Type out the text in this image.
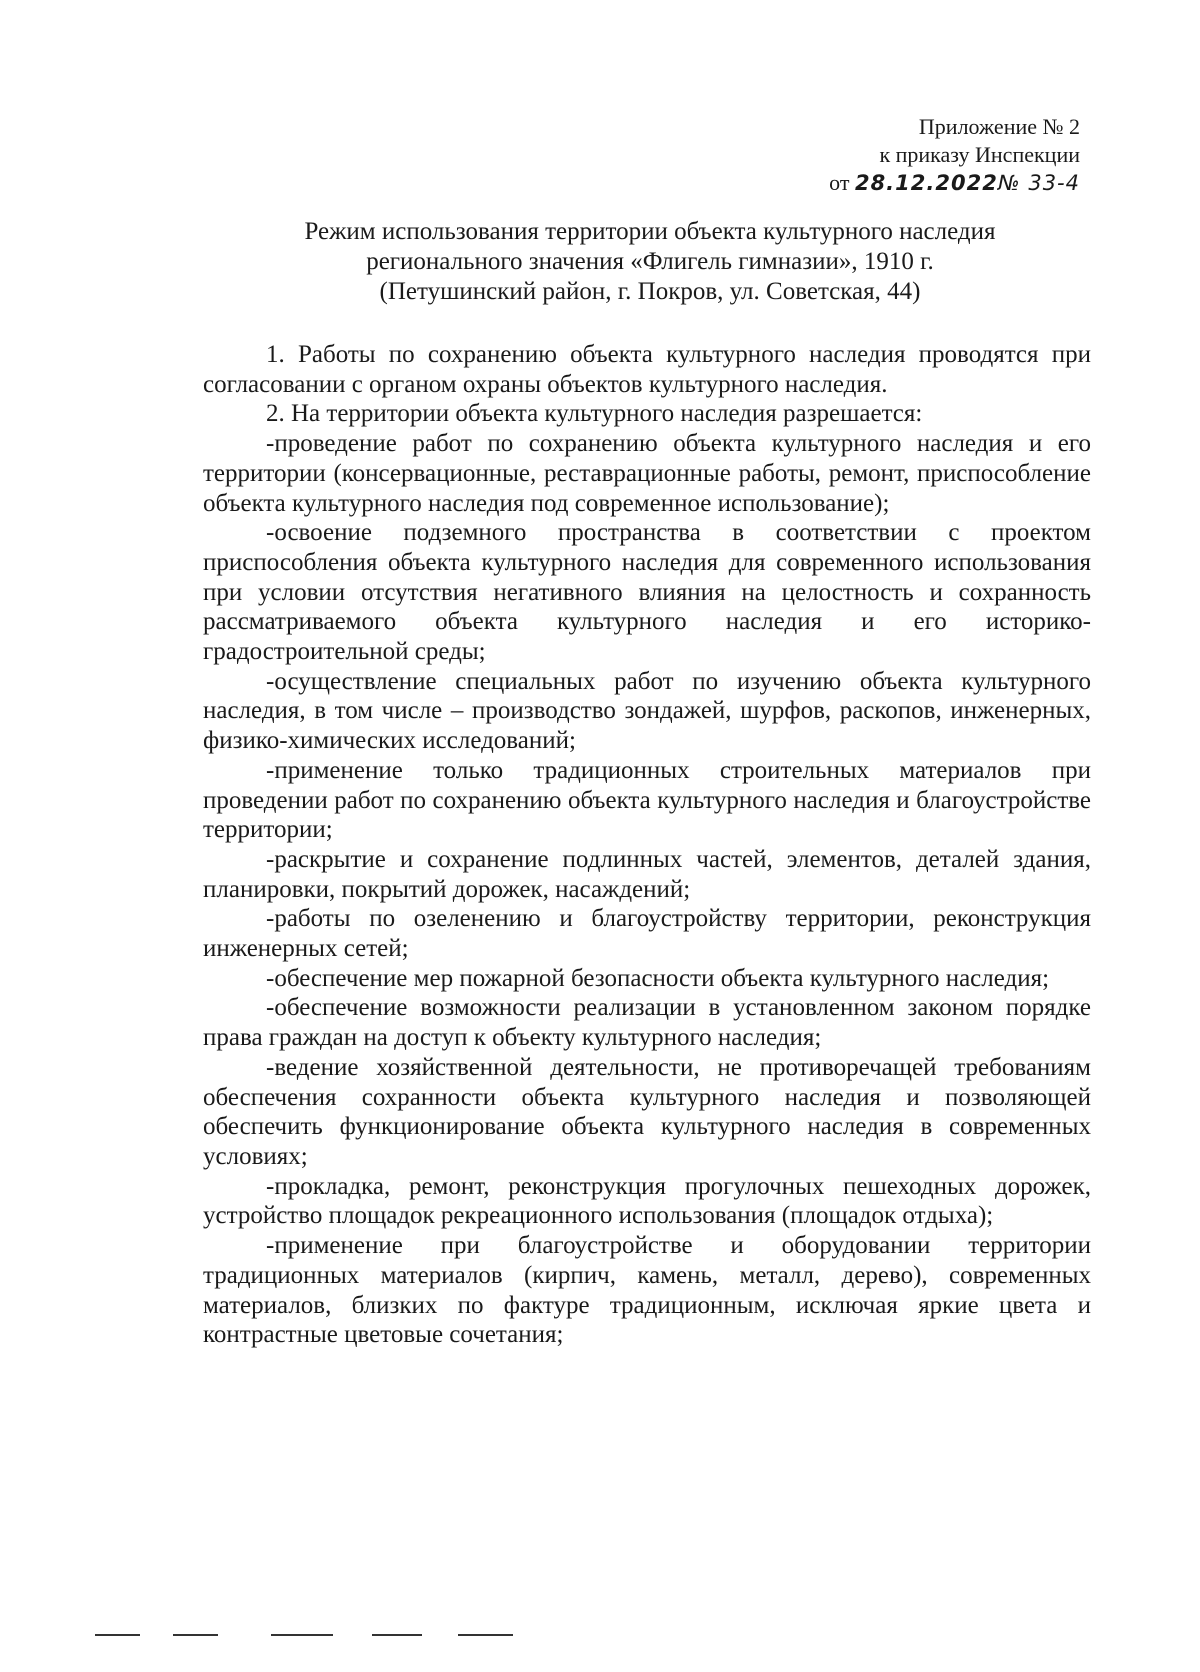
Приложение № 2
к приказу Инспекции
от 28.12.2022№ 33-4
Режим использования территории объекта культурного наследия
регионального значения «Флигель гимназии», 1910 г.
(Петушинский район, г. Покров, ул. Советская, 44)

1. Работы по сохранению объекта культурного наследия проводятся при согласовании с органом охраны объектов культурного наследия.

2. На территории объекта культурного наследия разрешается:

-проведение работ по сохранению объекта культурного наследия и его территории (консервационные, реставрационные работы, ремонт, приспособление объекта культурного наследия под современное использование);

-освоение подземного пространства в соответствии с проектом приспособления объекта культурного наследия для современного использования при условии отсутствия негативного влияния на целостность и сохранность рассматриваемого объекта культурного наследия и его историко-градостроительной среды;

-осуществление специальных работ по изучению объекта культурного наследия, в том числе – производство зондажей, шурфов, раскопов, инженерных, физико-химических исследований;

-применение только традиционных строительных материалов при проведении работ по сохранению объекта культурного наследия и благоустройстве территории;

-раскрытие и сохранение подлинных частей, элементов, деталей здания, планировки, покрытий дорожек, насаждений;

-работы по озеленению и благоустройству территории, реконструкция инженерных сетей;

-обеспечение мер пожарной безопасности объекта культурного наследия;

-обеспечение возможности реализации в установленном законом порядке права граждан на доступ к объекту культурного наследия;

-ведение хозяйственной деятельности, не противоречащей требованиям обеспечения сохранности объекта культурного наследия и позволяющей обеспечить функционирование объекта культурного наследия в современных условиях;

-прокладка, ремонт, реконструкция прогулочных пешеходных дорожек, устройство площадок рекреационного использования (площадок отдыха);

-применение при благоустройстве и оборудовании территории традиционных материалов (кирпич, камень, металл, дерево), современных материалов, близких по фактуре традиционным, исключая яркие цвета и контрастные цветовые сочетания;
